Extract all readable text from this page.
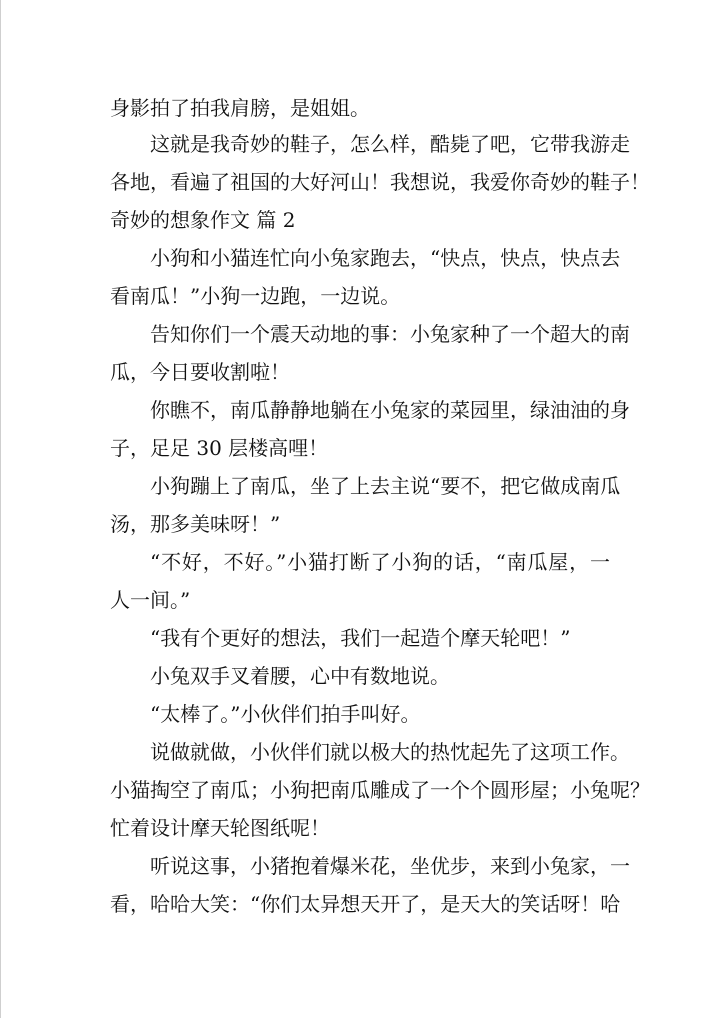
身影拍了拍我肩膀，是姐姐。
这就是我奇妙的鞋子，怎么样，酷毙了吧，它带我游走
各地，看遍了祖国的大好河山！我想说，我爱你奇妙的鞋子！
奇妙的想象作文 篇 2
小狗和小猫连忙向小兔家跑去，“快点，快点，快点去
看南瓜！”小狗一边跑，一边说。
告知你们一个震天动地的事：小兔家种了一个超大的南
瓜，今日要收割啦！
你瞧不，南瓜静静地躺在小兔家的菜园里，绿油油的身
子，足足 30 层楼高哩！
小狗蹦上了南瓜，坐了上去主说“要不，把它做成南瓜
汤，那多美味呀！”
“不好，不好。”小猫打断了小狗的话，“南瓜屋，一
人一间。”
“我有个更好的想法，我们一起造个摩天轮吧！”
小兔双手叉着腰，心中有数地说。
“太棒了。”小伙伴们拍手叫好。
说做就做，小伙伴们就以极大的热忱起先了这项工作。
小猫掏空了南瓜；小狗把南瓜雕成了一个个圆形屋；小兔呢？
忙着设计摩天轮图纸呢！
听说这事，小猪抱着爆米花，坐优步，来到小兔家，一
看，哈哈大笑：“你们太异想天开了，是天大的笑话呀！哈
